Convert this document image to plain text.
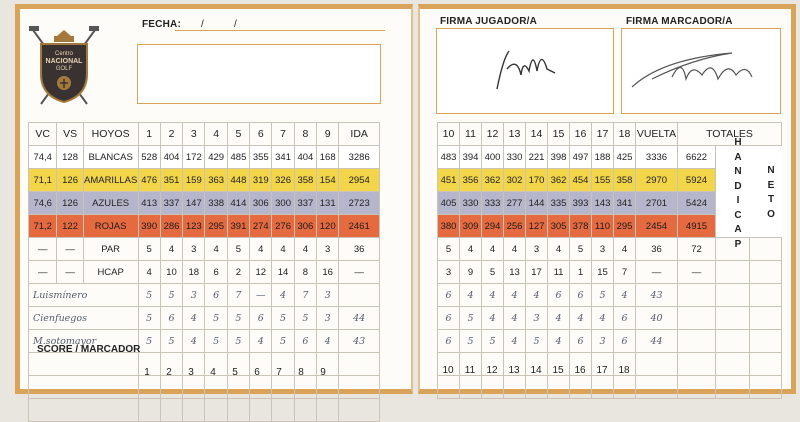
FECHA: /	/
Centro
NACIONAL
GOLF
VC	VS	HOYOS	1	2	3	4	5	6	7	8	9	IDA
74,4	128	BLANCAS	528	404	172	429	485	355	341	404	168	3286
71,1	126	AMARILLAS	476	351	159	363	448	319	326	358	154	2954
74,6	126	AZULES	413	337	147	338	414	306	300	337	131	2723
71,2	122	ROJAS	390	286	123	295	391	274	276	306	120	2461
—	—	PAR	5	4	3	4	5	4	4	4	3	36
—	—	HCAP	4	10	18	6	2	12	14	8	16	—
Luismínero			5	5	3	6	7	—	4	7	3	
Cienfuegos			5	6	4	5	5	6	5	5	3	44
M.sotomayor			5	5	4	5	5	4	5	6	4	43

SCORE / MARCADOR
1 2 3 4 5 6 7 8 9
FIRMA JUGADOR/A	FIRMA MARCADOR/A
10	11	12	13	14	15	16	17	18	VUELTA	TOTALES		
483	394	400	330	221	398	497	188	425	3336	6622		
451	356	362	302	170	362	454	155	358	2970	5924		
405	330	333	277	144	335	393	143	341	2701	5424		
380	309	294	256	127	305	378	110	295	2454	4915		
5	4	4	4	3	4	5	3	4	36	72		
3	9	5	13	17	11	1	15	7	—	—		
6	4	4	4	4	6	6	5	4	43			
6	5	4	4	3	4	4	4	6	40			
6	5	5	4	5	4	6	3	6	44			

H
A
N
D
I
C
A
P
N
E
T
O
10 11 12 13 14 15 16 17 18
